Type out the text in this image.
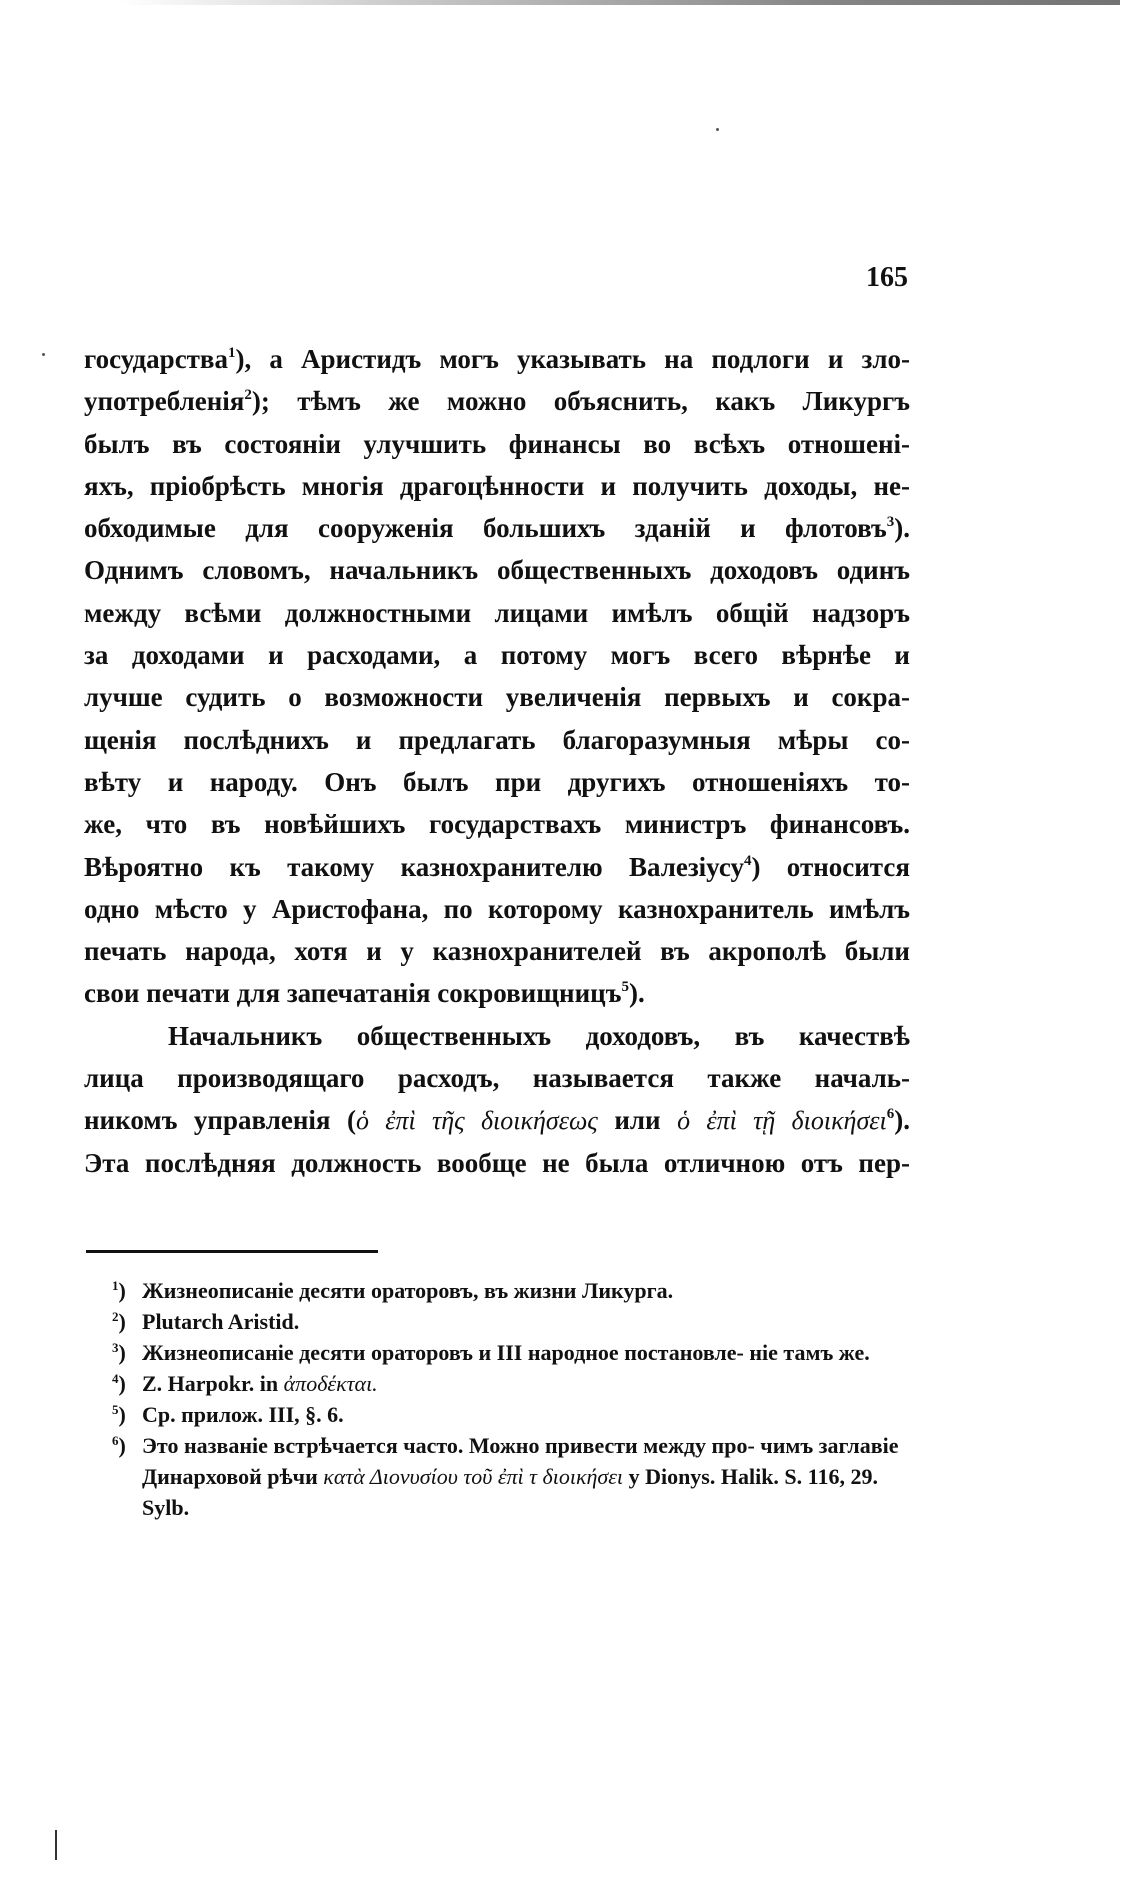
165
государства$^1$), а Аристидъ могъ указывать на подлоги и зло-
употребленія$^2$); тѣмъ же можно объяснить, какъ Ликургъ
былъ въ состояніи улучшить финансы во всѣхъ отношені-
яхъ, пріобрѣсть многія драгоцѣнности и получить доходы, не-
обходимые для сооруженія большихъ зданій и флотовъ$^3$).
Однимъ словомъ, начальникъ общественныхъ доходовъ одинъ
между всѣми должностными лицами имѣлъ общій надзоръ
за доходами и расходами, а потому могъ всего вѣрнѣе и
лучше судить о возможности увеличенія первыхъ и сокра-
щенія послѣднихъ и предлагать благоразумныя мѣры со-
вѣту и народу. Онъ былъ при другихъ отношеніяхъ то-
же, что въ новѣйшихъ государствахъ министръ финансовъ.
Вѣроятно къ такому казнохранителю Валезіусу$^4$) относится
одно мѣсто у Аристофана, по которому казнохранитель имѣлъ
печать народа, хотя и у казнохранителей въ акрополѣ были
свои печати для запечатанія сокровищницъ$^5$).
Начальникъ общественныхъ доходовъ, въ качествѣ
лица производящаго расходъ, называется также началь-
никомъ управленія (ὁ ἐπὶ τῆς διοικήσεως или ὁ ἐπὶ τῇ διοικήσει$^6$).
Эта послѣдняя должность вообще не была отличною отъ пер-
$^1$) Жизнеописаніе десяти ораторовъ, въ жизни Ликурга.
$^2$) Plutarch Aristid.
$^3$) Жизнеописаніе десяти ораторовъ и III народное постановле- ніе тамъ же.
$^4$) Z. Harpokr. in ἀποδέκται.
$^5$) Cp. прилож. III, §. 6.
$^6$) Это названіе встрѣчается часто. Можно привести между про- чимъ заглавіе Динарховой рѣчи κατὰ Διονυσίου τοῦ ἐπὶ τ διοικήσει у Dionys. Halik. S. 116, 29. Sylb.
